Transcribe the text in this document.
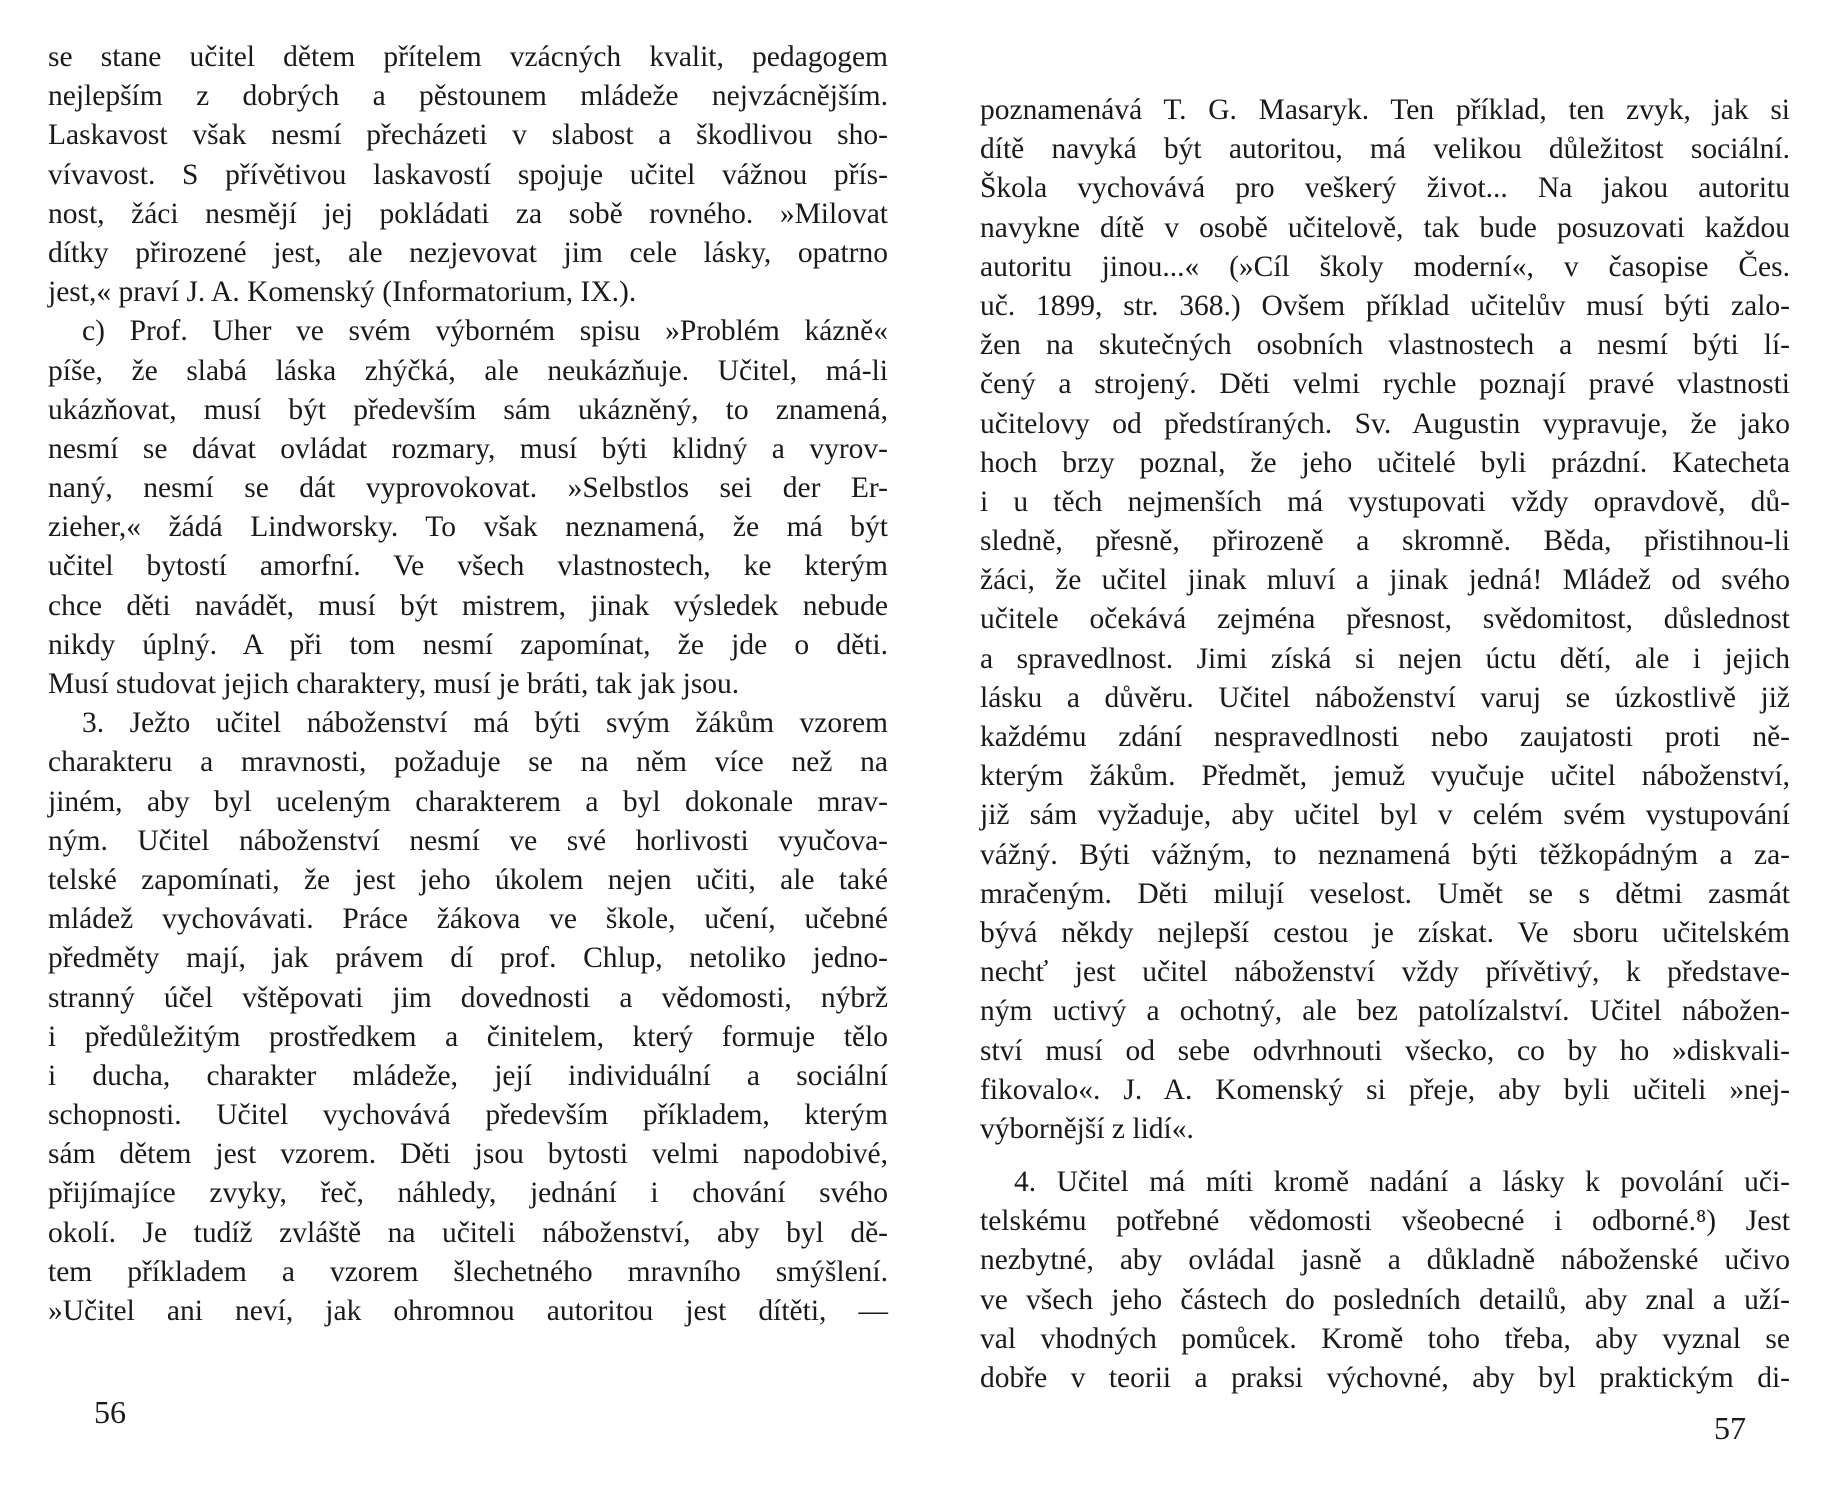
se stane učitel dětem přítelem vzácných kvalit, pedagogem
nejlepším z dobrých a pěstounem mládeže nejvzácnějším.
Laskavost však nesmí přecházeti v slabost a škodlivou sho-
vívavost. S přívětivou laskavostí spojuje učitel vážnou přís-
nost, žáci nesmějí jej pokládati za sobě rovného. »Milovat
dítky přirozené jest, ale nezjevovat jim cele lásky, opatrno
jest,« praví J. A. Komenský (Informatorium, IX.).
c) Prof. Uher ve svém výborném spisu »Problém kázně«
píše, že slabá láska zhýčká, ale neukázňuje. Učitel, má-li
ukázňovat, musí být především sám ukázněný, to znamená,
nesmí se dávat ovládat rozmary, musí býti klidný a vyrov-
naný, nesmí se dát vyprovokovat. »Selbstlos sei der Er-
zieher,« žádá Lindworsky. To však neznamená, že má být
učitel bytostí amorfní. Ve všech vlastnostech, ke kterým
chce děti navádět, musí být mistrem, jinak výsledek nebude
nikdy úplný. A při tom nesmí zapomínat, že jde o děti.
Musí studovat jejich charaktery, musí je bráti, tak jak jsou.
3. Ježto učitel náboženství má býti svým žákům vzorem
charakteru a mravnosti, požaduje se na něm více než na
jiném, aby byl uceleným charakterem a byl dokonale mrav-
ným. Učitel náboženství nesmí ve své horlivosti vyučova-
telské zapomínati, že jest jeho úkolem nejen učiti, ale také
mládež vychovávati. Práce žákova ve škole, učení, učebné
předměty mají, jak právem dí prof. Chlup, netoliko jedno-
stranný účel vštěpovati jim dovednosti a vědomosti, nýbrž
i předůležitým prostředkem a činitelem, který formuje tělo
i ducha, charakter mládeže, její individuální a sociální
schopnosti. Učitel vychovává především příkladem, kterým
sám dětem jest vzorem. Děti jsou bytosti velmi napodobivé,
přijímajíce zvyky, řeč, náhledy, jednání i chování svého
okolí. Je tudíž zvláště na učiteli náboženství, aby byl dě-
tem příkladem a vzorem šlechetného mravního smýšlení.
»Učitel ani neví, jak ohromnou autoritou jest dítěti, —
56
poznamenává T. G. Masaryk. Ten příklad, ten zvyk, jak si
dítě navyká být autoritou, má velikou důležitost sociální.
Škola vychovává pro veškerý život... Na jakou autoritu
navykne dítě v osobě učitelově, tak bude posuzovati každou
autoritu jinou...« (»Cíl školy moderní«, v časopise Čes.
uč. 1899, str. 368.) Ovšem příklad učitelův musí býti zalo-
žen na skutečných osobních vlastnostech a nesmí býti lí-
čený a strojený. Děti velmi rychle poznají pravé vlastnosti
učitelovy od předstíraných. Sv. Augustin vypravuje, že jako
hoch brzy poznal, že jeho učitelé byli prázdní. Katecheta
i u těch nejmenších má vystupovati vždy opravdově, dů-
sledně, přesně, přirozeně a skromně. Běda, přistihnou-li
žáci, že učitel jinak mluví a jinak jedná! Mládež od svého
učitele očekává zejména přesnost, svědomitost, důslednost
a spravedlnost. Jimi získá si nejen úctu dětí, ale i jejich
lásku a důvěru. Učitel náboženství varuj se úzkostlivě již
každému zdání nespravedlnosti nebo zaujatosti proti ně-
kterým žákům. Předmět, jemuž vyučuje učitel náboženství,
již sám vyžaduje, aby učitel byl v celém svém vystupování
vážný. Býti vážným, to neznamená býti těžkopádným a za-
mračeným. Děti milují veselost. Umět se s dětmi zasmát
bývá někdy nejlepší cestou je získat. Ve sboru učitelském
nechť jest učitel náboženství vždy přívětivý, k představe-
ným uctivý a ochotný, ale bez patolízalství. Učitel nábožen-
ství musí od sebe odvrhnouti všecko, co by ho »diskvali-
fikovalo«. J. A. Komenský si přeje, aby byli učiteli »nej-
výbornější z lidí«.
4. Učitel má míti kromě nadání a lásky k povolání uči-
telskému potřebné vědomosti všeobecné i odborné.⁸) Jest
nezbytné, aby ovládal jasně a důkladně náboženské učivo
ve všech jeho částech do posledních detailů, aby znal a uží-
val vhodných pomůcek. Kromě toho třeba, aby vyznal se
dobře v teorii a praksi výchovné, aby byl praktickým di-
57
